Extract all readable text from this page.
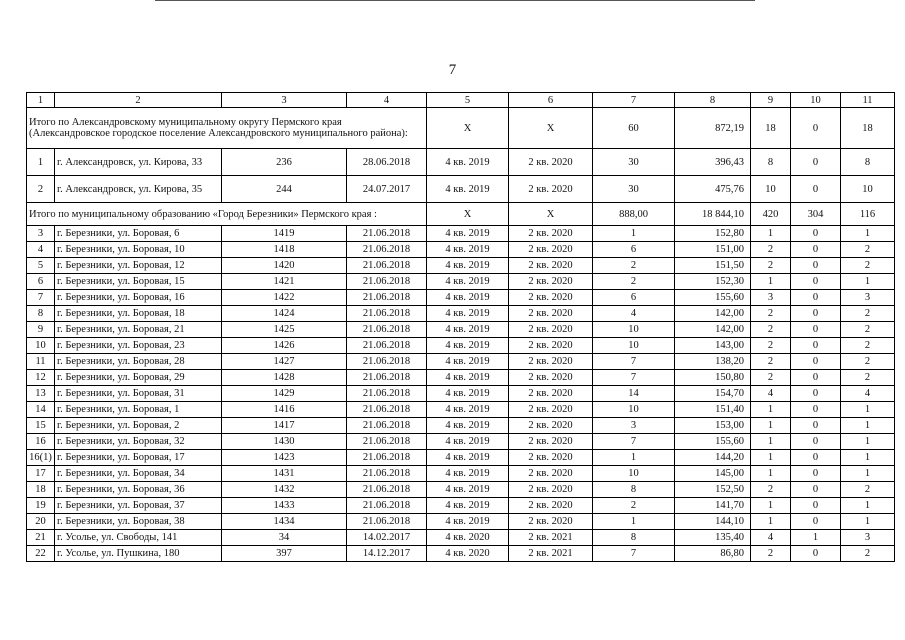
7
1	2	3	4	5	6	7	8	9	10	11
Итого по Александровскому муниципальному округу Пермского края (Александровское городское поселение Александровского муниципального района):				Х	Х	60	872,19	18	0	18
1	г. Александровск, ул. Кирова, 33	236	28.06.2018	4 кв. 2019	2 кв. 2020	30	396,43	8	0	8
2	г. Александровск, ул. Кирова, 35	244	24.07.2017	4 кв. 2019	2 кв. 2020	30	475,76	10	0	10
Итого по муниципальному образованию «Город Березники» Пермского края :				Х	Х	888,00	18 844,10	420	304	116
3	г. Березники, ул. Боровая, 6	1419	21.06.2018	4 кв. 2019	2 кв. 2020	1	152,80	1	0	1
4	г. Березники, ул. Боровая, 10	1418	21.06.2018	4 кв. 2019	2 кв. 2020	6	151,00	2	0	2
5	г. Березники, ул. Боровая, 12	1420	21.06.2018	4 кв. 2019	2 кв. 2020	2	151,50	2	0	2
6	г. Березники, ул. Боровая, 15	1421	21.06.2018	4 кв. 2019	2 кв. 2020	2	152,30	1	0	1
7	г. Березники, ул. Боровая, 16	1422	21.06.2018	4 кв. 2019	2 кв. 2020	6	155,60	3	0	3
8	г. Березники, ул. Боровая, 18	1424	21.06.2018	4 кв. 2019	2 кв. 2020	4	142,00	2	0	2
9	г. Березники, ул. Боровая, 21	1425	21.06.2018	4 кв. 2019	2 кв. 2020	10	142,00	2	0	2
10	г. Березники, ул. Боровая, 23	1426	21.06.2018	4 кв. 2019	2 кв. 2020	10	143,00	2	0	2
11	г. Березники, ул. Боровая, 28	1427	21.06.2018	4 кв. 2019	2 кв. 2020	7	138,20	2	0	2
12	г. Березники, ул. Боровая, 29	1428	21.06.2018	4 кв. 2019	2 кв. 2020	7	150,80	2	0	2
13	г. Березники, ул. Боровая, 31	1429	21.06.2018	4 кв. 2019	2 кв. 2020	14	154,70	4	0	4
14	г. Березники, ул. Боровая, 1	1416	21.06.2018	4 кв. 2019	2 кв. 2020	10	151,40	1	0	1
15	г. Березники, ул. Боровая, 2	1417	21.06.2018	4 кв. 2019	2 кв. 2020	3	153,00	1	0	1
16	г. Березники, ул. Боровая, 32	1430	21.06.2018	4 кв. 2019	2 кв. 2020	7	155,60	1	0	1
16(1)	г. Березники, ул. Боровая, 17	1423	21.06.2018	4 кв. 2019	2 кв. 2020	1	144,20	1	0	1
17	г. Березники, ул. Боровая, 34	1431	21.06.2018	4 кв. 2019	2 кв. 2020	10	145,00	1	0	1
18	г. Березники, ул. Боровая, 36	1432	21.06.2018	4 кв. 2019	2 кв. 2020	8	152,50	2	0	2
19	г. Березники, ул. Боровая, 37	1433	21.06.2018	4 кв. 2019	2 кв. 2020	2	141,70	1	0	1
20	г. Березники, ул. Боровая, 38	1434	21.06.2018	4 кв. 2019	2 кв. 2020	1	144,10	1	0	1
21	г. Усолье, ул. Свободы, 141	34	14.02.2017	4 кв. 2020	2 кв. 2021	8	135,40	4	1	3
22	г. Усолье, ул. Пушкина, 180	397	14.12.2017	4 кв. 2020	2 кв. 2021	7	86,80	2	0	2
